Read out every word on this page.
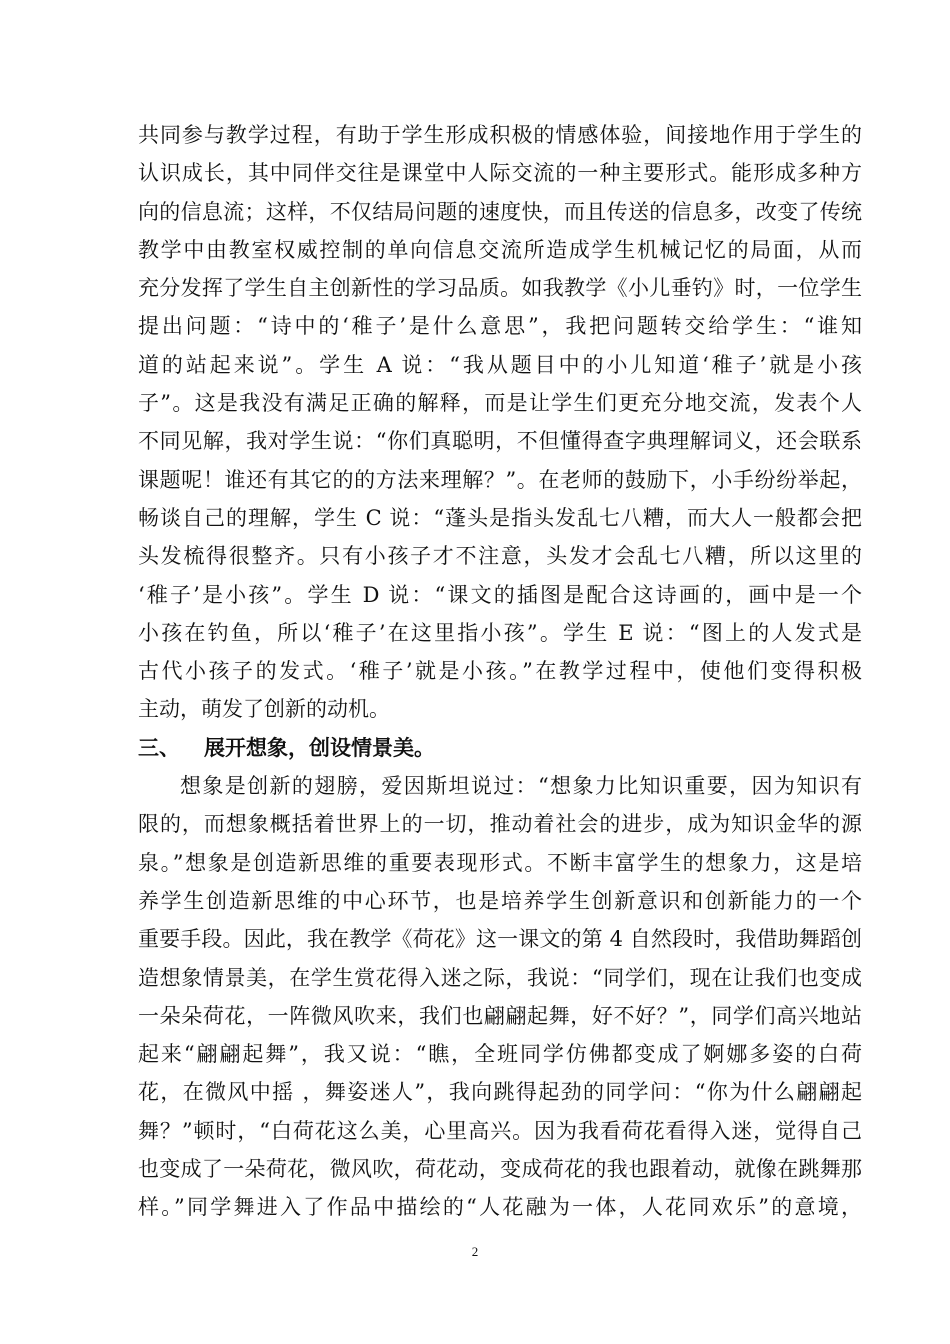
共同参与教学过程，有助于学生形成积极的情感体验，间接地作用于学生的
认识成长，其中同伴交往是课堂中人际交流的一种主要形式。能形成多种方
向的信息流；这样，不仅结局问题的速度快，而且传送的信息多，改变了传统
教学中由教室权威控制的单向信息交流所造成学生机械记忆的局面，从而
充分发挥了学生自主创新性的学习品质。如我教学《小儿垂钓》时，一位学生
提出问题：“诗中的‘稚子’是什么意思”，我把问题转交给学生：“谁知
道的站起来说”。学生 A 说：“我从题目中的小儿知道‘稚子’就是小孩
子”。这是我没有满足正确的解释，而是让学生们更充分地交流，发表个人
不同见解，我对学生说：“你们真聪明，不但懂得查字典理解词义，还会联系
课题呢！谁还有其它的的方法来理解？”。在老师的鼓励下，小手纷纷举起，
畅谈自己的理解，学生 C 说：“蓬头是指头发乱七八糟，而大人一般都会把
头发梳得很整齐。只有小孩子才不注意，头发才会乱七八糟，所以这里的
‘稚子’是小孩”。学生 D 说：“课文的插图是配合这诗画的，画中是一个
小孩在钓鱼，所以‘稚子’在这里指小孩”。学生 E 说：“图上的人发式是
古代小孩子的发式。‘稚子’就是小孩。”在教学过程中，使他们变得积极
主动，萌发了创新的动机。
三、 展开想象，创设情景美。
想象是创新的翅膀，爱因斯坦说过：“想象力比知识重要，因为知识有
限的，而想象概括着世界上的一切，推动着社会的进步，成为知识金华的源
泉。”想象是创造新思维的重要表现形式。不断丰富学生的想象力，这是培
养学生创造新思维的中心环节，也是培养学生创新意识和创新能力的一个
重要手段。因此，我在教学《荷花》这一课文的第 4 自然段时，我借助舞蹈创
造想象情景美，在学生赏花得入迷之际，我说：“同学们，现在让我们也变成
一朵朵荷花，一阵微风吹来，我们也翩翩起舞，好不好？”，同学们高兴地站
起来“翩翩起舞”，我又说：“瞧，全班同学仿佛都变成了婀娜多姿的白荷
花，在微风中摇 ，舞姿迷人”，我向跳得起劲的同学问：“你为什么翩翩起
舞？”顿时，“白荷花这么美，心里高兴。因为我看荷花看得入迷，觉得自己
也变成了一朵荷花，微风吹，荷花动，变成荷花的我也跟着动，就像在跳舞那
样。”同学舞进入了作品中描绘的“人花融为一体，人花同欢乐”的意境，
2
